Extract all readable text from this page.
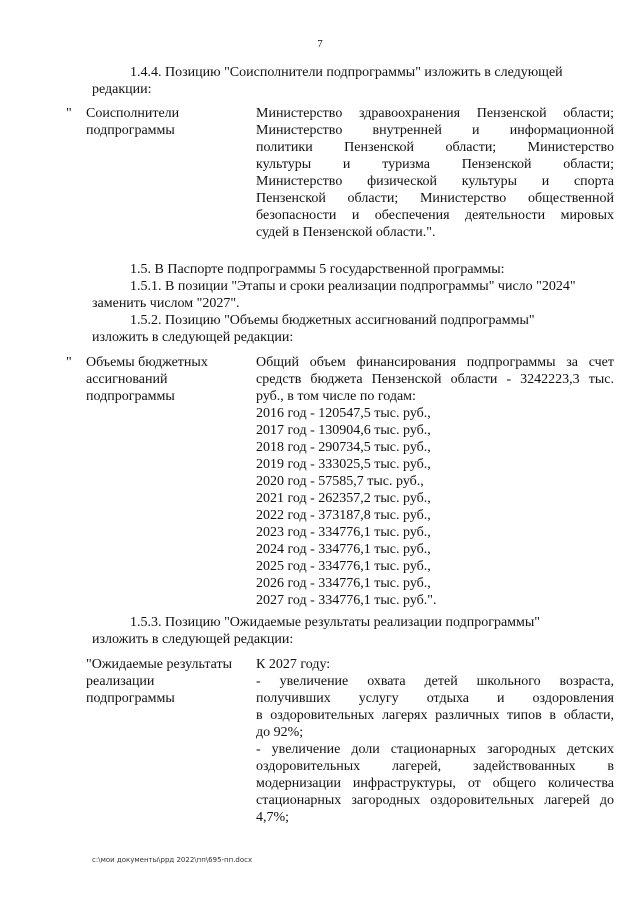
7
1.4.4. Позицию "Соисполнители подпрограммы" изложить в следующей
редакции:
" Соисполнители
подпрограммы
Министерство здравоохранения Пензенской области;
Министерство внутренней и информационной
политики Пензенской области; Министерство
культуры и туризма Пензенской области;
Министерство физической культуры и спорта
Пензенской области; Министерство общественной
безопасности и обеспечения деятельности мировых
судей в Пензенской области.".
1.5. В Паспорте подпрограммы 5 государственной программы:
1.5.1. В позиции "Этапы и сроки реализации подпрограммы" число "2024"
заменить числом "2027".
1.5.2. Позицию "Объемы бюджетных ассигнований подпрограммы"
изложить в следующей редакции:
" Объемы бюджетных
ассигнований
подпрограммы
Общий объем финансирования подпрограммы за счет
средств бюджета Пензенской области - 3242223,3 тыс.
руб., в том числе по годам:
2016 год - 120547,5 тыс. руб.,
2017 год - 130904,6 тыс. руб.,
2018 год - 290734,5 тыс. руб.,
2019 год - 333025,5 тыс. руб.,
2020 год - 57585,7 тыс. руб.,
2021 год - 262357,2 тыс. руб.,
2022 год - 373187,8 тыс. руб.,
2023 год - 334776,1 тыс. руб.,
2024 год - 334776,1 тыс. руб.,
2025 год - 334776,1 тыс. руб.,
2026 год - 334776,1 тыс. руб.,
2027 год - 334776,1 тыс. руб.".
1.5.3. Позицию "Ожидаемые результаты реализации подпрограммы"
изложить в следующей редакции:
"Ожидаемые результаты
реализации
подпрограммы
К 2027 году:
- увеличение охвата детей школьного возраста,
получивших услугу отдыха и оздоровления
в оздоровительных лагерях различных типов в области,
до 92%;
- увеличение доли стационарных загородных детских
оздоровительных лагерей, задействованных в
модернизации инфраструктуры, от общего количества
стационарных загородных оздоровительных лагерей до
4,7%;
c:\мои документы\ррд 2022\пп\695-пп.docx
